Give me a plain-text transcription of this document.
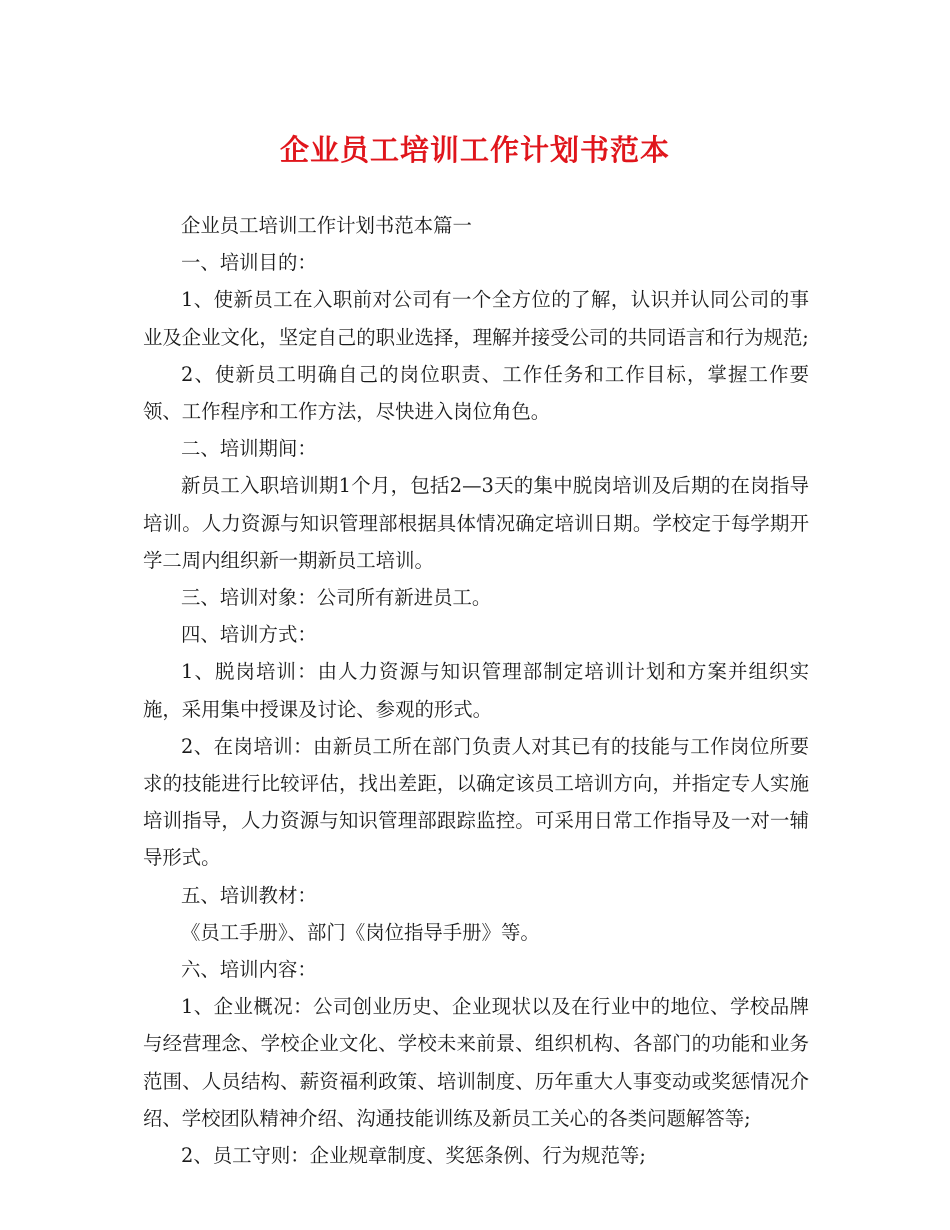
企业员工培训工作计划书范本

企业员工培训工作计划书范本篇一

一、培训目的：

1、使新员工在入职前对公司有一个全方位的了解，认识并认同公司的事业及企业文化，坚定自己的职业选择，理解并接受公司的共同语言和行为规范;

2、使新员工明确自己的岗位职责、工作任务和工作目标，掌握工作要领、工作程序和工作方法，尽快进入岗位角色。

二、培训期间：

新员工入职培训期1个月，包括2—3天的集中脱岗培训及后期的在岗指导培训。人力资源与知识管理部根据具体情况确定培训日期。学校定于每学期开学二周内组织新一期新员工培训。

三、培训对象：公司所有新进员工。

四、培训方式：

1、脱岗培训：由人力资源与知识管理部制定培训计划和方案并组织实施，采用集中授课及讨论、参观的形式。

2、在岗培训：由新员工所在部门负责人对其已有的技能与工作岗位所要求的技能进行比较评估，找出差距，以确定该员工培训方向，并指定专人实施培训指导，人力资源与知识管理部跟踪监控。可采用日常工作指导及一对一辅导形式。

五、培训教材：

《员工手册》、部门《岗位指导手册》等。

六、培训内容：

1、企业概况：公司创业历史、企业现状以及在行业中的地位、学校品牌与经营理念、学校企业文化、学校未来前景、组织机构、各部门的功能和业务范围、人员结构、薪资福利政策、培训制度、历年重大人事变动或奖惩情况介绍、学校团队精神介绍、沟通技能训练及新员工关心的各类问题解答等;

2、员工守则：企业规章制度、奖惩条例、行为规范等;
